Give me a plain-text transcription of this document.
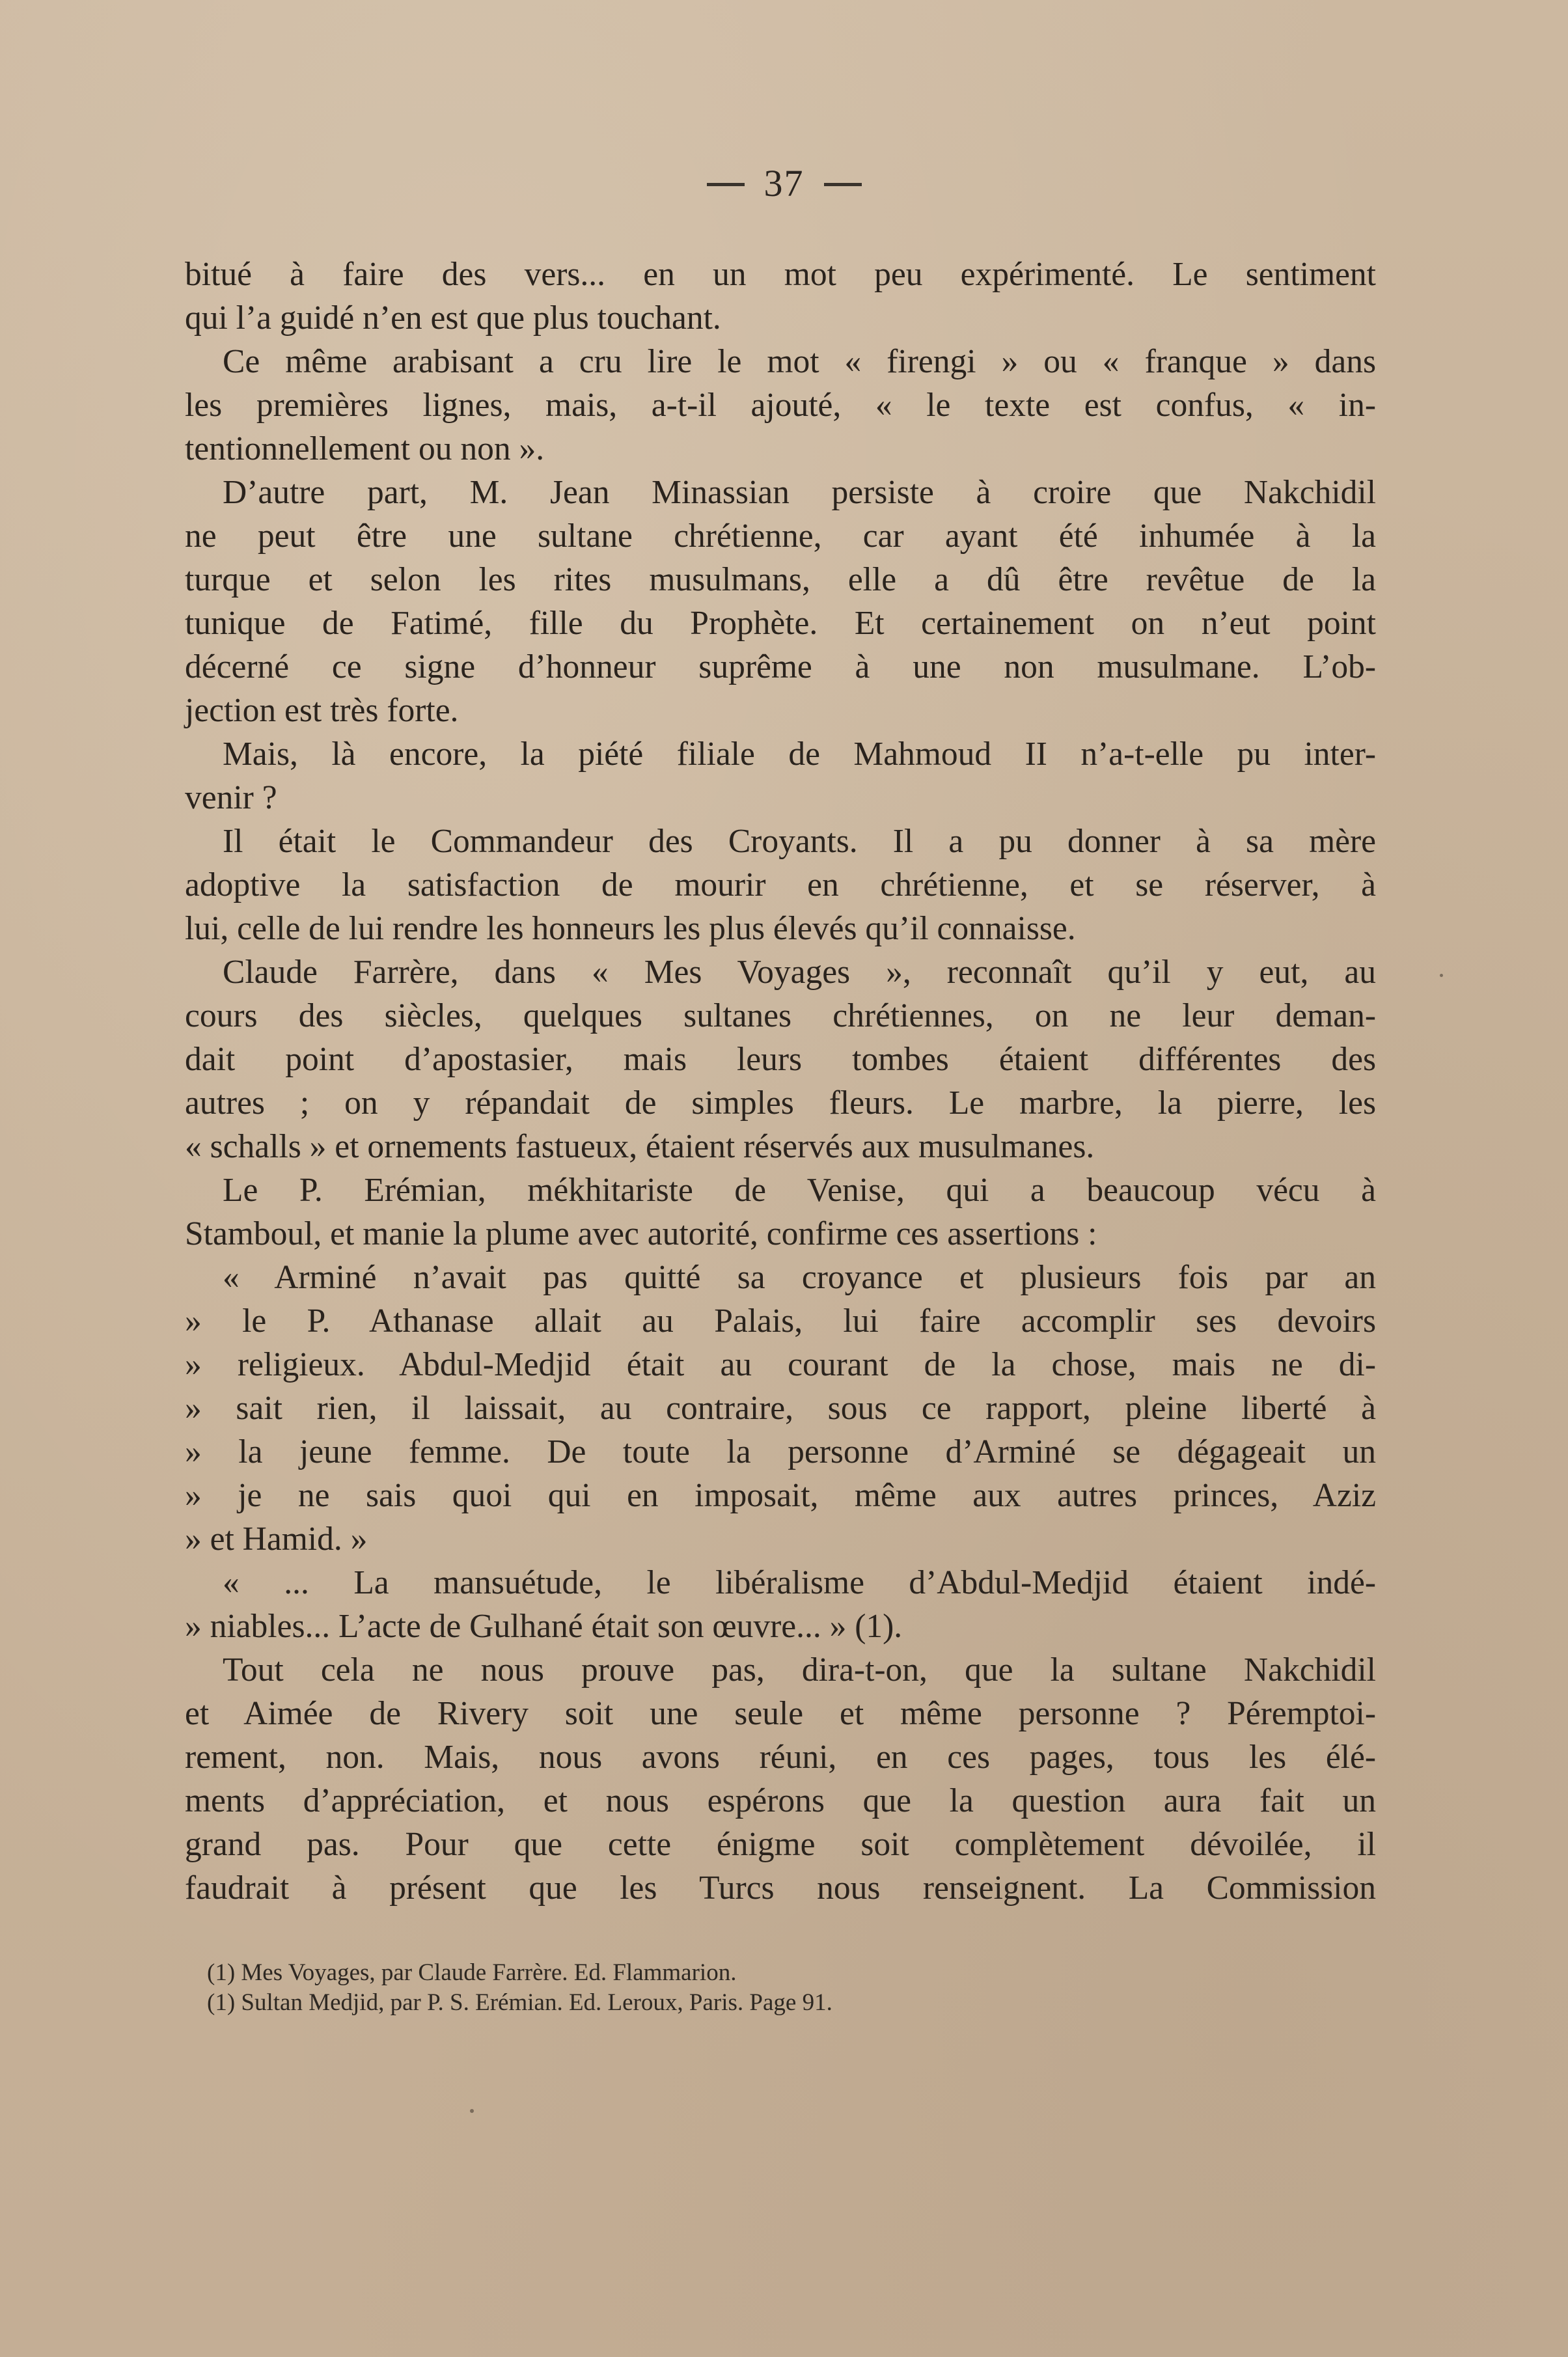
37
bitué à faire des vers... en un mot peu expérimenté. Le sentiment
qui l’a guidé n’en est que plus touchant.
Ce même arabisant a cru lire le mot « firengi » ou « franque » dans
les premières lignes, mais, a-t-il ajouté, « le texte est confus, « in-
tentionnellement ou non ».
D’autre part, M. Jean Minassian persiste à croire que Nakchidil
ne peut être une sultane chrétienne, car ayant été inhumée à la
turque et selon les rites musulmans, elle a dû être revêtue de la
tunique de Fatimé, fille du Prophète. Et certainement on n’eut point
décerné ce signe d’honneur suprême à une non musulmane. L’ob-
jection est très forte.
Mais, là encore, la piété filiale de Mahmoud II n’a-t-elle pu inter-
venir ?
Il était le Commandeur des Croyants. Il a pu donner à sa mère
adoptive la satisfaction de mourir en chrétienne, et se réserver, à
lui, celle de lui rendre les honneurs les plus élevés qu’il connaisse.
Claude Farrère, dans « Mes Voyages », reconnaît qu’il y eut, au
cours des siècles, quelques sultanes chrétiennes, on ne leur deman-
dait point d’apostasier, mais leurs tombes étaient différentes des
autres ; on y répandait de simples fleurs. Le marbre, la pierre, les
« schalls » et ornements fastueux, étaient réservés aux musulmanes.
Le P. Erémian, mékhitariste de Venise, qui a beaucoup vécu à
Stamboul, et manie la plume avec autorité, confirme ces assertions :
« Arminé n’avait pas quitté sa croyance et plusieurs fois par an
» le P. Athanase allait au Palais, lui faire accomplir ses devoirs
» religieux. Abdul-Medjid était au courant de la chose, mais ne di-
» sait rien, il laissait, au contraire, sous ce rapport, pleine liberté à
» la jeune femme. De toute la personne d’Arminé se dégageait un
» je ne sais quoi qui en imposait, même aux autres princes, Aziz
» et Hamid. »
« ... La mansuétude, le libéralisme d’Abdul-Medjid étaient indé-
» niables... L’acte de Gulhané était son œuvre... » (1).
Tout cela ne nous prouve pas, dira-t-on, que la sultane Nakchidil
et Aimée de Rivery soit une seule et même personne ? Péremptoi-
rement, non. Mais, nous avons réuni, en ces pages, tous les élé-
ments d’appréciation, et nous espérons que la question aura fait un
grand pas. Pour que cette énigme soit complètement dévoilée, il
faudrait à présent que les Turcs nous renseignent. La Commission
(1) Mes Voyages, par Claude Farrère. Ed. Flammarion.
(1) Sultan Medjid, par P. S. Erémian. Ed. Leroux, Paris. Page 91.
